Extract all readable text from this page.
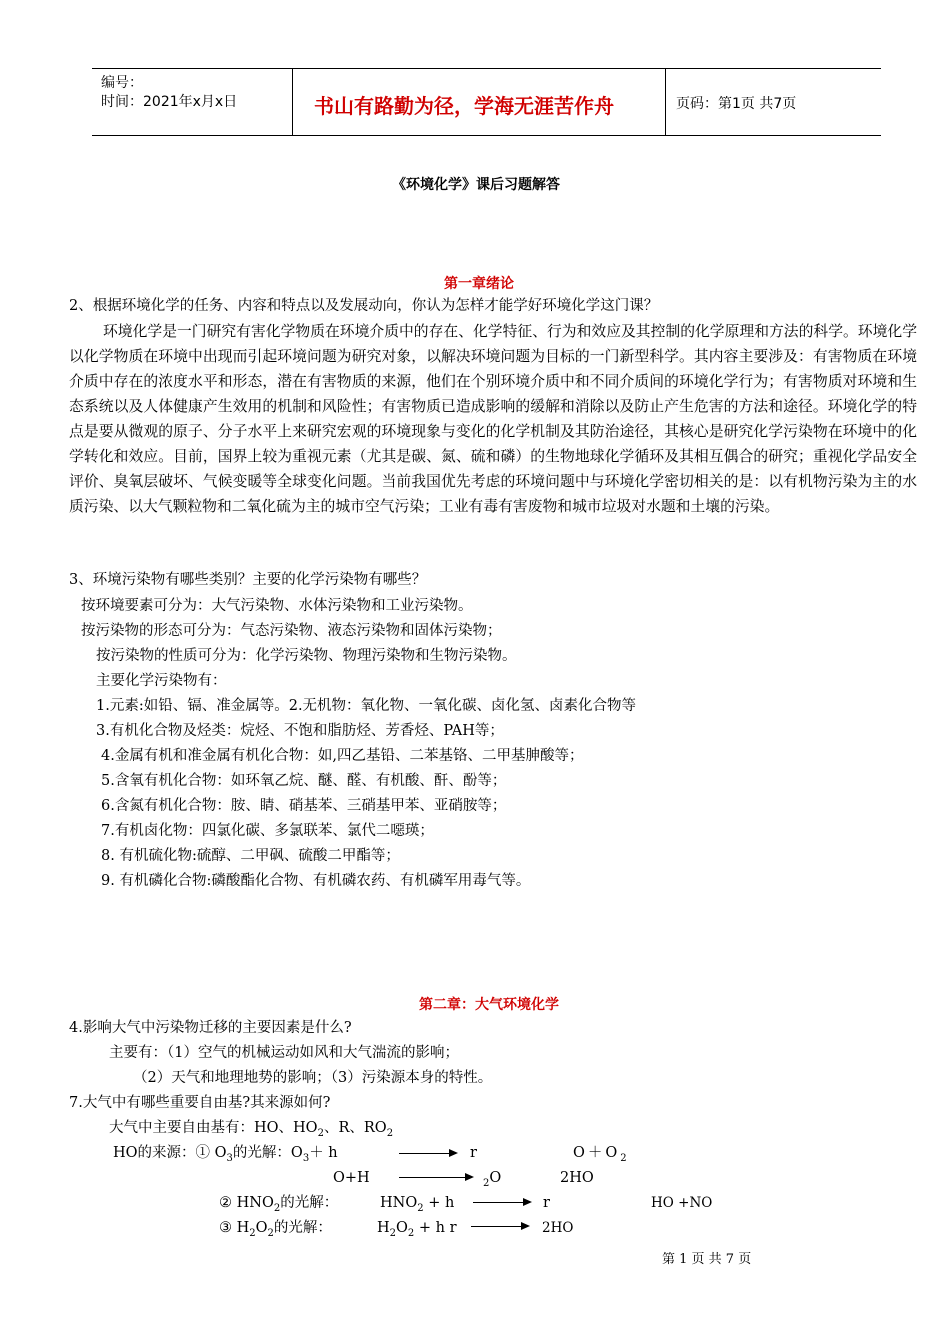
编号：
时间：2021年x月x日	书山有路勤为径，学海无涯苦作舟	页码：第1页 共7页
《环境化学》课后习题解答
第一章绪论
2、根据环境化学的任务、内容和特点以及发展动向，你认为怎样才能学好环境化学这门课？
环境化学是一门研究有害化学物质在环境介质中的存在、化学特征、行为和效应及其控制的化学原理和方法的科学。环境化学以化学物质在环境中出现而引起环境问题为研究对象，以解决环境问题为目标的一门新型科学。其内容主要涉及：有害物质在环境介质中存在的浓度水平和形态，潜在有害物质的来源，他们在个别环境介质中和不同介质间的环境化学行为；有害物质对环境和生态系统以及人体健康产生效用的机制和风险性；有害物质已造成影响的缓解和消除以及防止产生危害的方法和途径。环境化学的特点是要从微观的原子、分子水平上来研究宏观的环境现象与变化的化学机制及其防治途径，其核心是研究化学污染物在环境中的化学转化和效应。目前，国界上较为重视元素（尤其是碳、氮、硫和磷）的生物地球化学循环及其相互偶合的研究；重视化学品安全评价、臭氧层破坏、气候变暖等全球变化问题。当前我国优先考虑的环境问题中与环境化学密切相关的是：以有机物污染为主的水质污染、以大气颗粒物和二氧化硫为主的城市空气污染；工业有毒有害废物和城市垃圾对水题和土壤的污染。
3、环境污染物有哪些类别？主要的化学污染物有哪些？
按环境要素可分为：大气污染物、水体污染物和工业污染物。
按污染物的形态可分为：气态污染物、液态污染物和固体污染物；
按污染物的性质可分为：化学污染物、物理污染物和生物污染物。
主要化学污染物有：
1.元素:如铅、镉、准金属等。2.无机物：氧化物、一氧化碳、卤化氢、卤素化合物等
3.有机化合物及烃类：烷烃、不饱和脂肪烃、芳香烃、PAH等；
4.金属有机和准金属有机化合物：如,四乙基铅、二苯基铬、二甲基胂酸等；
5.含氧有机化合物：如环氧乙烷、醚、醛、有机酸、酐、酚等；
6.含氮有机化合物：胺、睛、硝基苯、三硝基甲苯、亚硝胺等；
7.有机卤化物：四氯化碳、多氯联苯、氯代二噁瑛；
8. 有机硫化物:硫醇、二甲砜、硫酸二甲酯等；
9. 有机磷化合物:磷酸酯化合物、有机磷农药、有机磷军用毒气等。
第二章：大气环境化学
4.影响大气中污染物迁移的主要因素是什么?
主要有：（1）空气的机械运动如风和大气湍流的影响；
（2）天气和地理地势的影响；（3）污染源本身的特性。
7.大气中有哪些重要自由基?其来源如何?
大气中主要自由基有：HO、$HO_2$、R、$RO_2$
HO的来源：① $O_3$的光解：$O_3+ h$	r	$O+O_2$
O+H	$_2$O	2HO
② $HNO_2$的光解：	$HNO_2 + h$	r	HO +NO
③ $H_2O_2$的光解：	$H_2O_2 + h$ r	2HO
第 1 页 共 7 页
